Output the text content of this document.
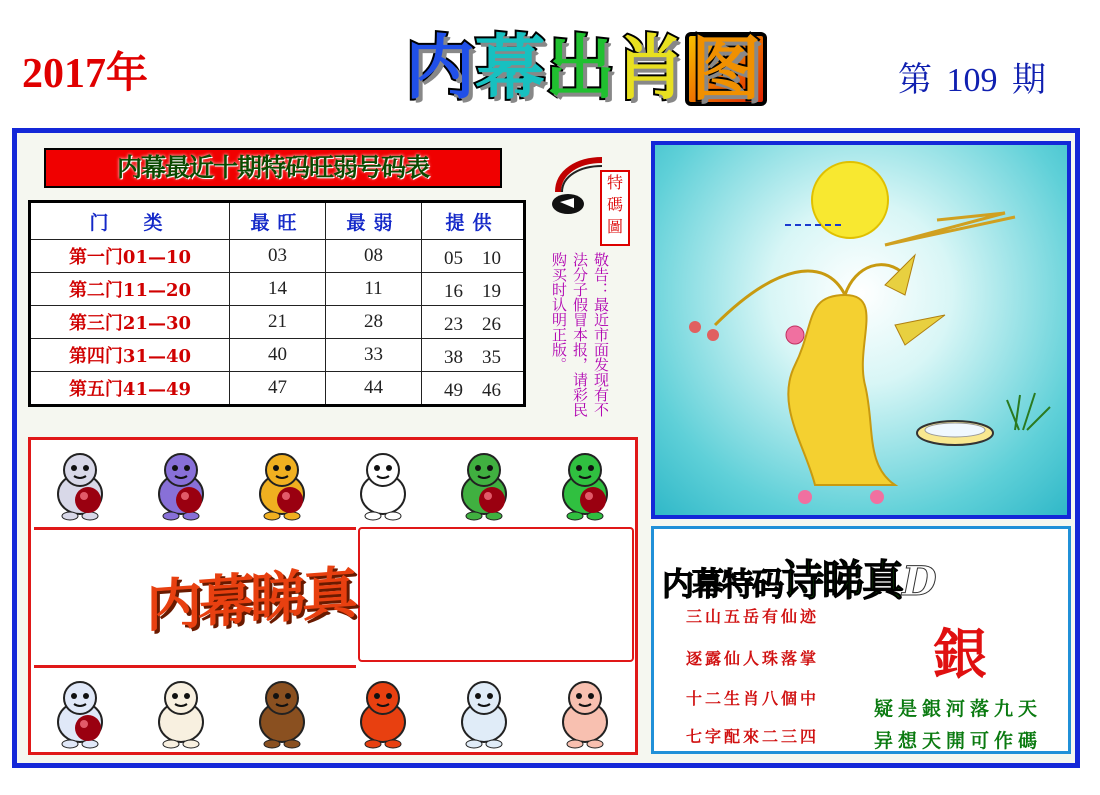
2017年	内 幕 出 肖 图	第 109 期
内幕最近十期特码旺弱号码表
门　类	最旺	最弱	提供
第一门01—10	03	08	05　10
第二门11—20	14	11	16　19
第三门21—30	21	28	23　26
第四门31—40	40	33	38　35
第五门41—49	47	44	49　46
特碼圖
敬告：最近市面发现有不法分子假冒本报，请彩民购买时认明正版。
内幕睇真	内幕特码诗睇真D
銀
三山五岳有仙迹
逐露仙人珠落掌
十二生肖八個中
七字配來二三四
疑是銀河落九天
异想天開可作碼
